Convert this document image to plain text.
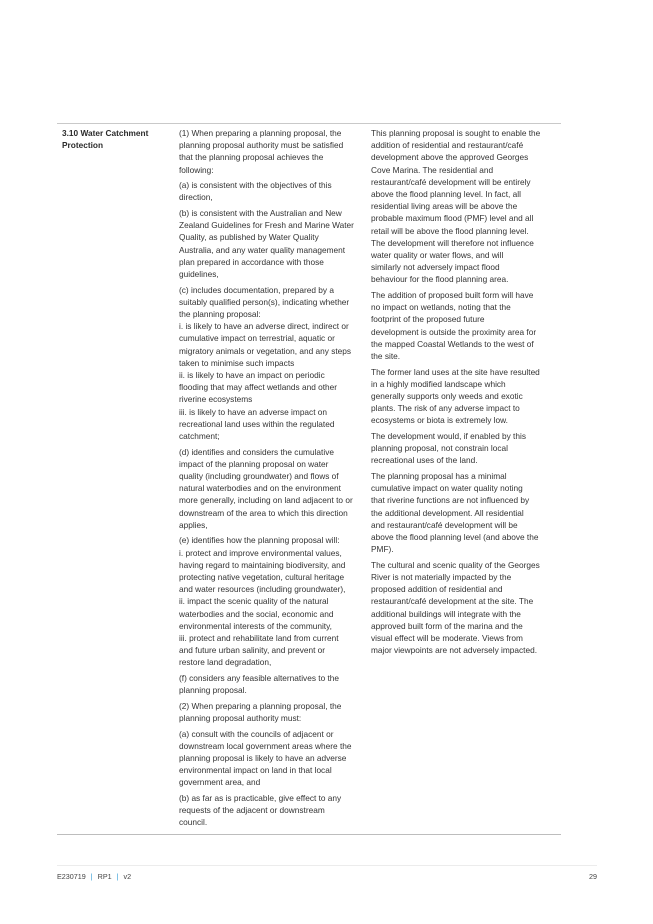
3.10 Water Catchment
Protection

(1) When preparing a planning proposal, the
planning proposal authority must be satisfied
that the planning proposal achieves the
following:

(a) is consistent with the objectives of this
direction,

(b) is consistent with the Australian and New
Zealand Guidelines for Fresh and Marine Water
Quality, as published by Water Quality
Australia, and any water quality management
plan prepared in accordance with those
guidelines,

(c) includes documentation, prepared by a
suitably qualified person(s), indicating whether
the planning proposal:
i. is likely to have an adverse direct, indirect or
cumulative impact on terrestrial, aquatic or
migratory animals or vegetation, and any steps
taken to minimise such impacts
ii. is likely to have an impact on periodic
flooding that may affect wetlands and other
riverine ecosystems
iii. is likely to have an adverse impact on
recreational land uses within the regulated
catchment;

(d) identifies and considers the cumulative
impact of the planning proposal on water
quality (including groundwater) and flows of
natural waterbodies and on the environment
more generally, including on land adjacent to or
downstream of the area to which this direction
applies,

(e) identifies how the planning proposal will:
i. protect and improve environmental values,
having regard to maintaining biodiversity, and
protecting native vegetation, cultural heritage
and water resources (including groundwater),
ii. impact the scenic quality of the natural
waterbodies and the social, economic and
environmental interests of the community,
iii. protect and rehabilitate land from current
and future urban salinity, and prevent or
restore land degradation,

(f) considers any feasible alternatives to the
planning proposal.

(2) When preparing a planning proposal, the
planning proposal authority must:

(a) consult with the councils of adjacent or
downstream local government areas where the
planning proposal is likely to have an adverse
environmental impact on land in that local
government area, and

(b) as far as is practicable, give effect to any
requests of the adjacent or downstream
council.

This planning proposal is sought to enable the
addition of residential and restaurant/café
development above the approved Georges
Cove Marina. The residential and
restaurant/café development will be entirely
above the flood planning level. In fact, all
residential living areas will be above the
probable maximum flood (PMF) level and all
retail will be above the flood planning level.
The development will therefore not influence
water quality or water flows, and will
similarly not adversely impact flood
behaviour for the flood planning area.

The addition of proposed built form will have
no impact on wetlands, noting that the
footprint of the proposed future
development is outside the proximity area for
the mapped Coastal Wetlands to the west of
the site.

The former land uses at the site have resulted
in a highly modified landscape which
generally supports only weeds and exotic
plants. The risk of any adverse impact to
ecosystems or biota is extremely low.

The development would, if enabled by this
planning proposal, not constrain local
recreational uses of the land.

The planning proposal has a minimal
cumulative impact on water quality noting
that riverine functions are not influenced by
the additional development. All residential
and restaurant/café development will be
above the flood planning level (and above the
PMF).

The cultural and scenic quality of the Georges
River is not materially impacted by the
proposed addition of residential and
restaurant/café development at the site. The
additional buildings will integrate with the
approved built form of the marina and the
visual effect will be moderate. Views from
major viewpoints are not adversely impacted.

E230719 | RP1 | v2	29
